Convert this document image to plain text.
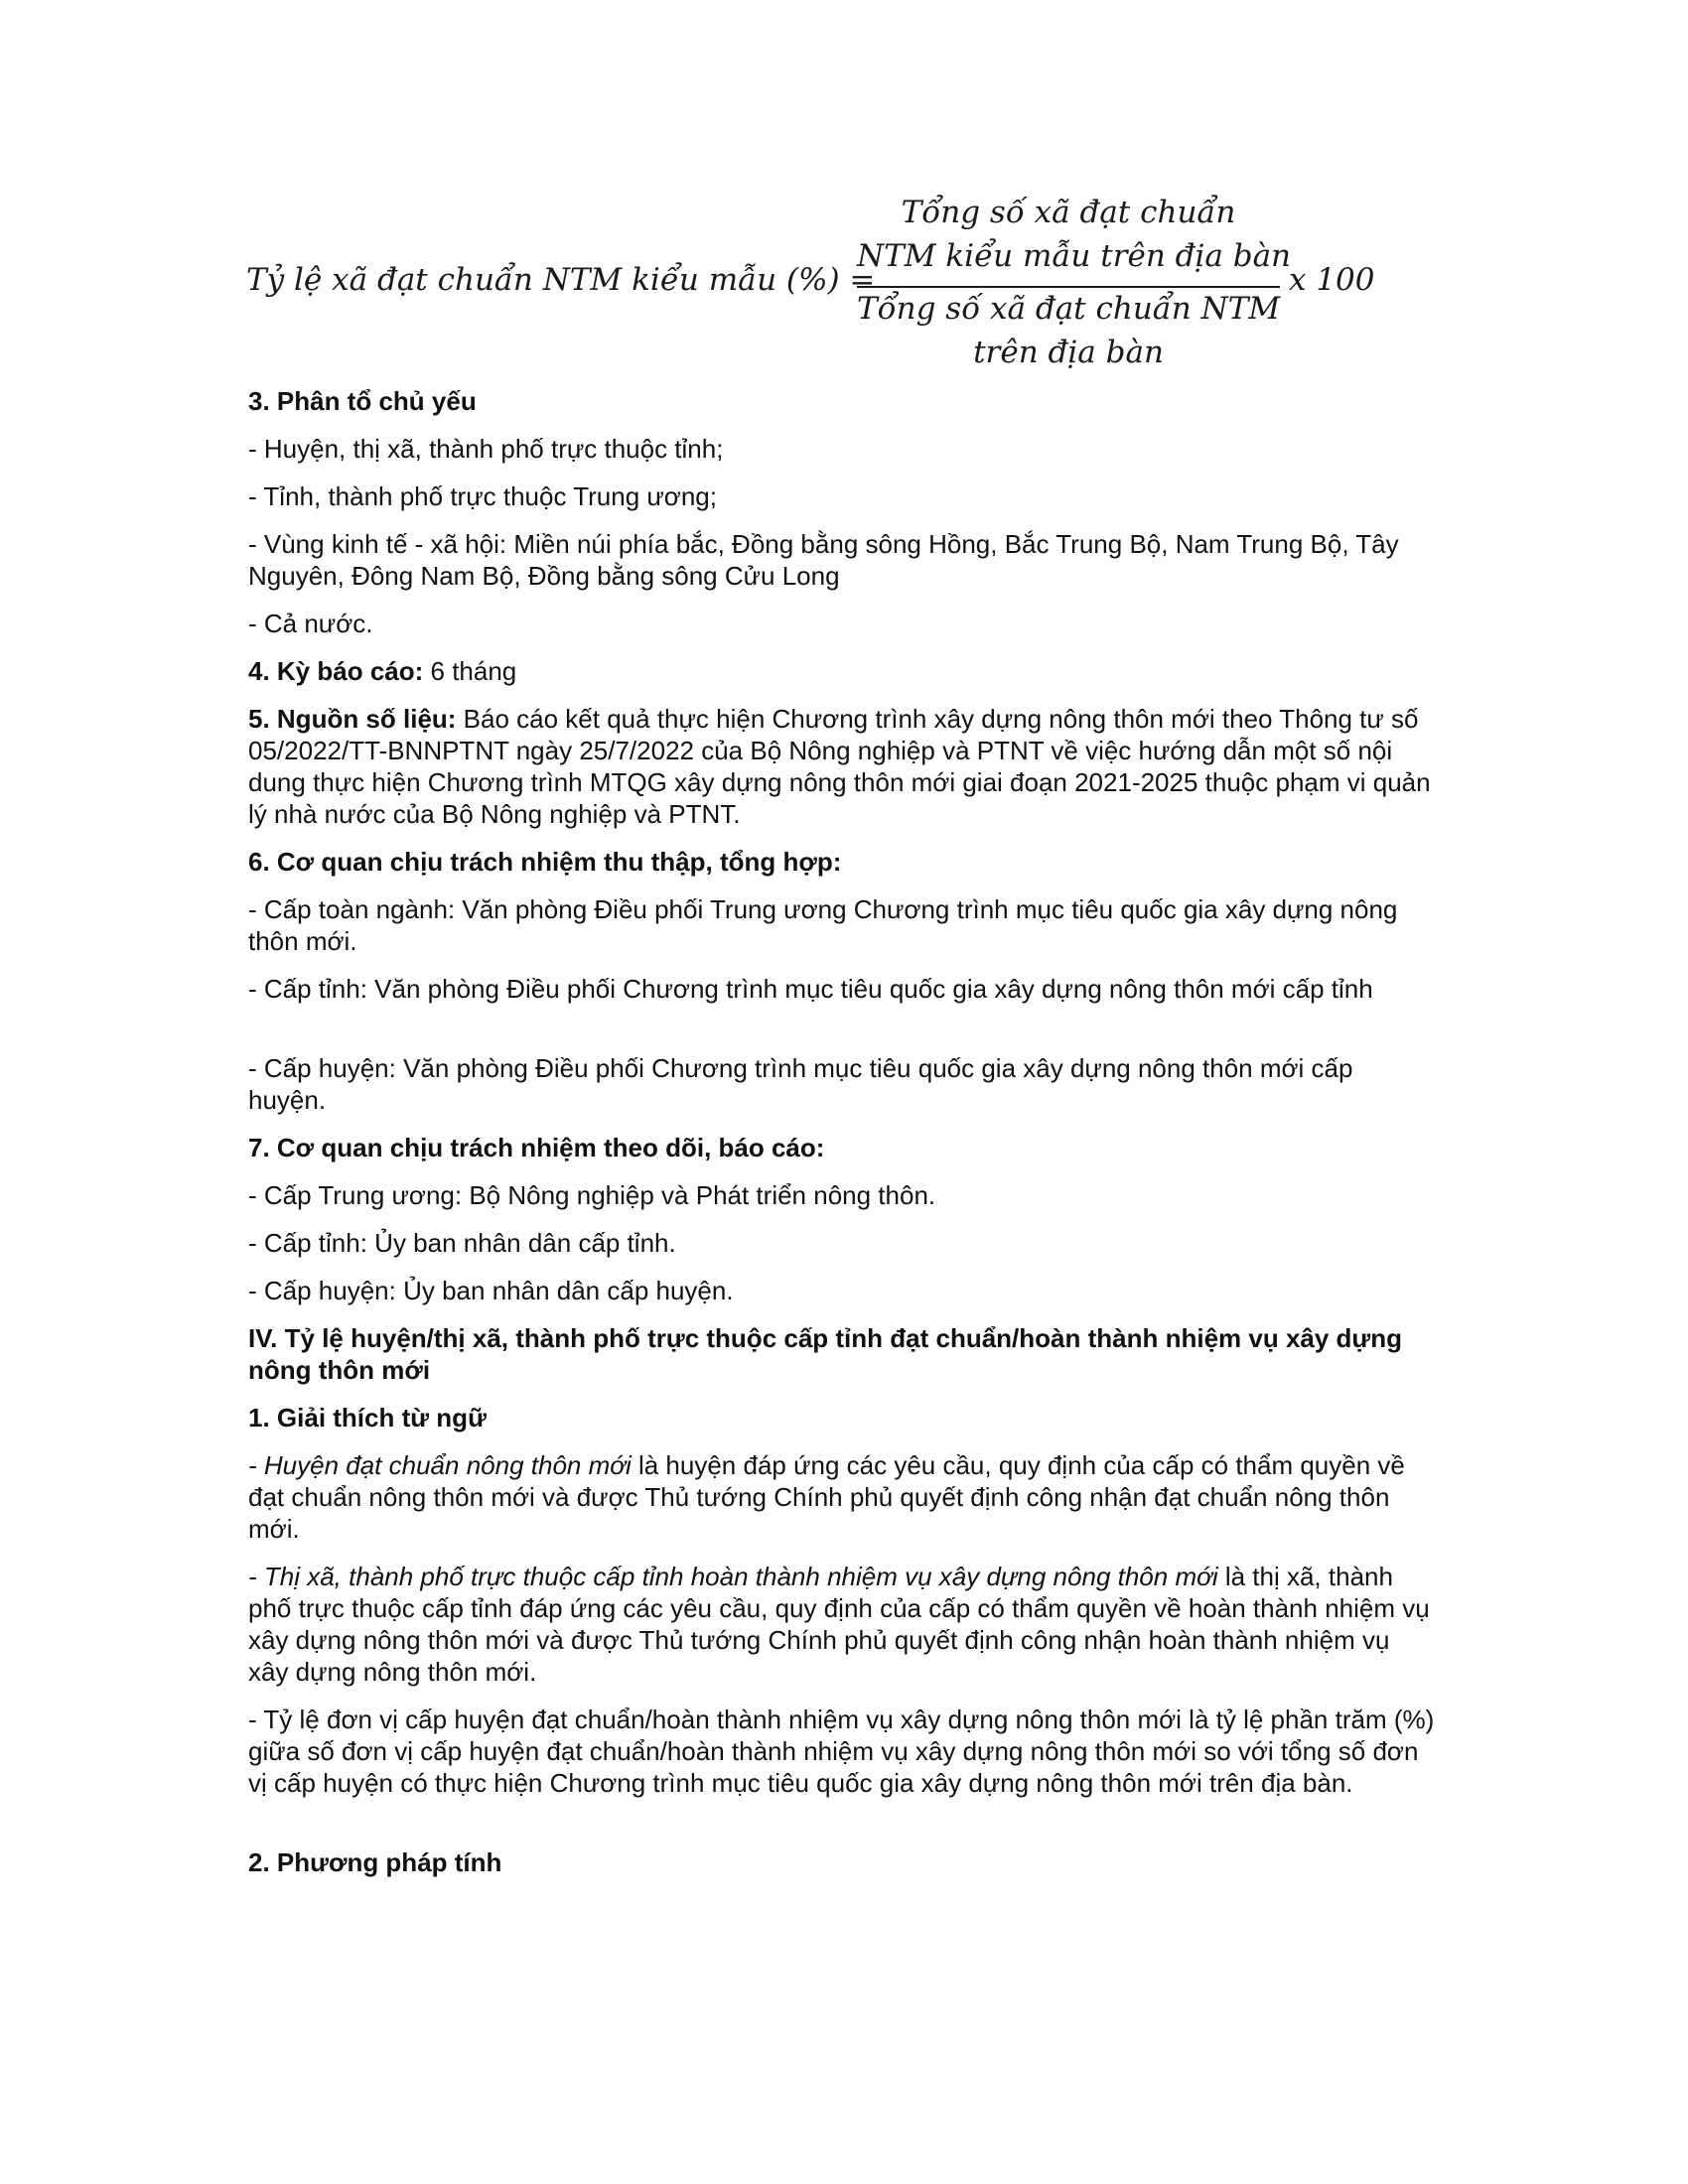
Tỷ lệ xã đạt chuẩn NTM kiểu mẫu (%) =
Tổng số xã đạt chuẩn
NTM kiểu mẫu trên địa bàn
Tổng số xã đạt chuẩn NTM
trên địa bàn
x 100

3. Phân tổ chủ yếu

- Huyện, thị xã, thành phố trực thuộc tỉnh;

- Tỉnh, thành phố trực thuộc Trung ương;

- Vùng kinh tế - xã hội: Miền núi phía bắc, Đồng bằng sông Hồng, Bắc Trung Bộ, Nam Trung Bộ, Tây Nguyên, Đông Nam Bộ, Đồng bằng sông Cửu Long

- Cả nước.

4. Kỳ báo cáo: 6 tháng

5. Nguồn số liệu: Báo cáo kết quả thực hiện Chương trình xây dựng nông thôn mới theo Thông tư số 05/2022/TT-BNNPTNT ngày 25/7/2022 của Bộ Nông nghiệp và PTNT về việc hướng dẫn một số nội dung thực hiện Chương trình MTQG xây dựng nông thôn mới giai đoạn 2021-2025 thuộc phạm vi quản lý nhà nước của Bộ Nông nghiệp và PTNT.

6. Cơ quan chịu trách nhiệm thu thập, tổng hợp:

- Cấp toàn ngành: Văn phòng Điều phối Trung ương Chương trình mục tiêu quốc gia xây dựng nông thôn mới.

- Cấp tỉnh: Văn phòng Điều phối Chương trình mục tiêu quốc gia xây dựng nông thôn mới cấp tỉnh

- Cấp huyện: Văn phòng Điều phối Chương trình mục tiêu quốc gia xây dựng nông thôn mới cấp huyện.

7. Cơ quan chịu trách nhiệm theo dõi, báo cáo:

- Cấp Trung ương: Bộ Nông nghiệp và Phát triển nông thôn.

- Cấp tỉnh: Ủy ban nhân dân cấp tỉnh.

- Cấp huyện: Ủy ban nhân dân cấp huyện.

IV. Tỷ lệ huyện/thị xã, thành phố trực thuộc cấp tỉnh đạt chuẩn/hoàn thành nhiệm vụ xây dựng nông thôn mới

1. Giải thích từ ngữ

- Huyện đạt chuẩn nông thôn mới là huyện đáp ứng các yêu cầu, quy định của cấp có thẩm quyền về đạt chuẩn nông thôn mới và được Thủ tướng Chính phủ quyết định công nhận đạt chuẩn nông thôn mới.

- Thị xã, thành phố trực thuộc cấp tỉnh hoàn thành nhiệm vụ xây dựng nông thôn mới là thị xã, thành phố trực thuộc cấp tỉnh đáp ứng các yêu cầu, quy định của cấp có thẩm quyền về hoàn thành nhiệm vụ xây dựng nông thôn mới và được Thủ tướng Chính phủ quyết định công nhận hoàn thành nhiệm vụ xây dựng nông thôn mới.

- Tỷ lệ đơn vị cấp huyện đạt chuẩn/hoàn thành nhiệm vụ xây dựng nông thôn mới là tỷ lệ phần trăm (%) giữa số đơn vị cấp huyện đạt chuẩn/hoàn thành nhiệm vụ xây dựng nông thôn mới so với tổng số đơn vị cấp huyện có thực hiện Chương trình mục tiêu quốc gia xây dựng nông thôn mới trên địa bàn.

2. Phương pháp tính
